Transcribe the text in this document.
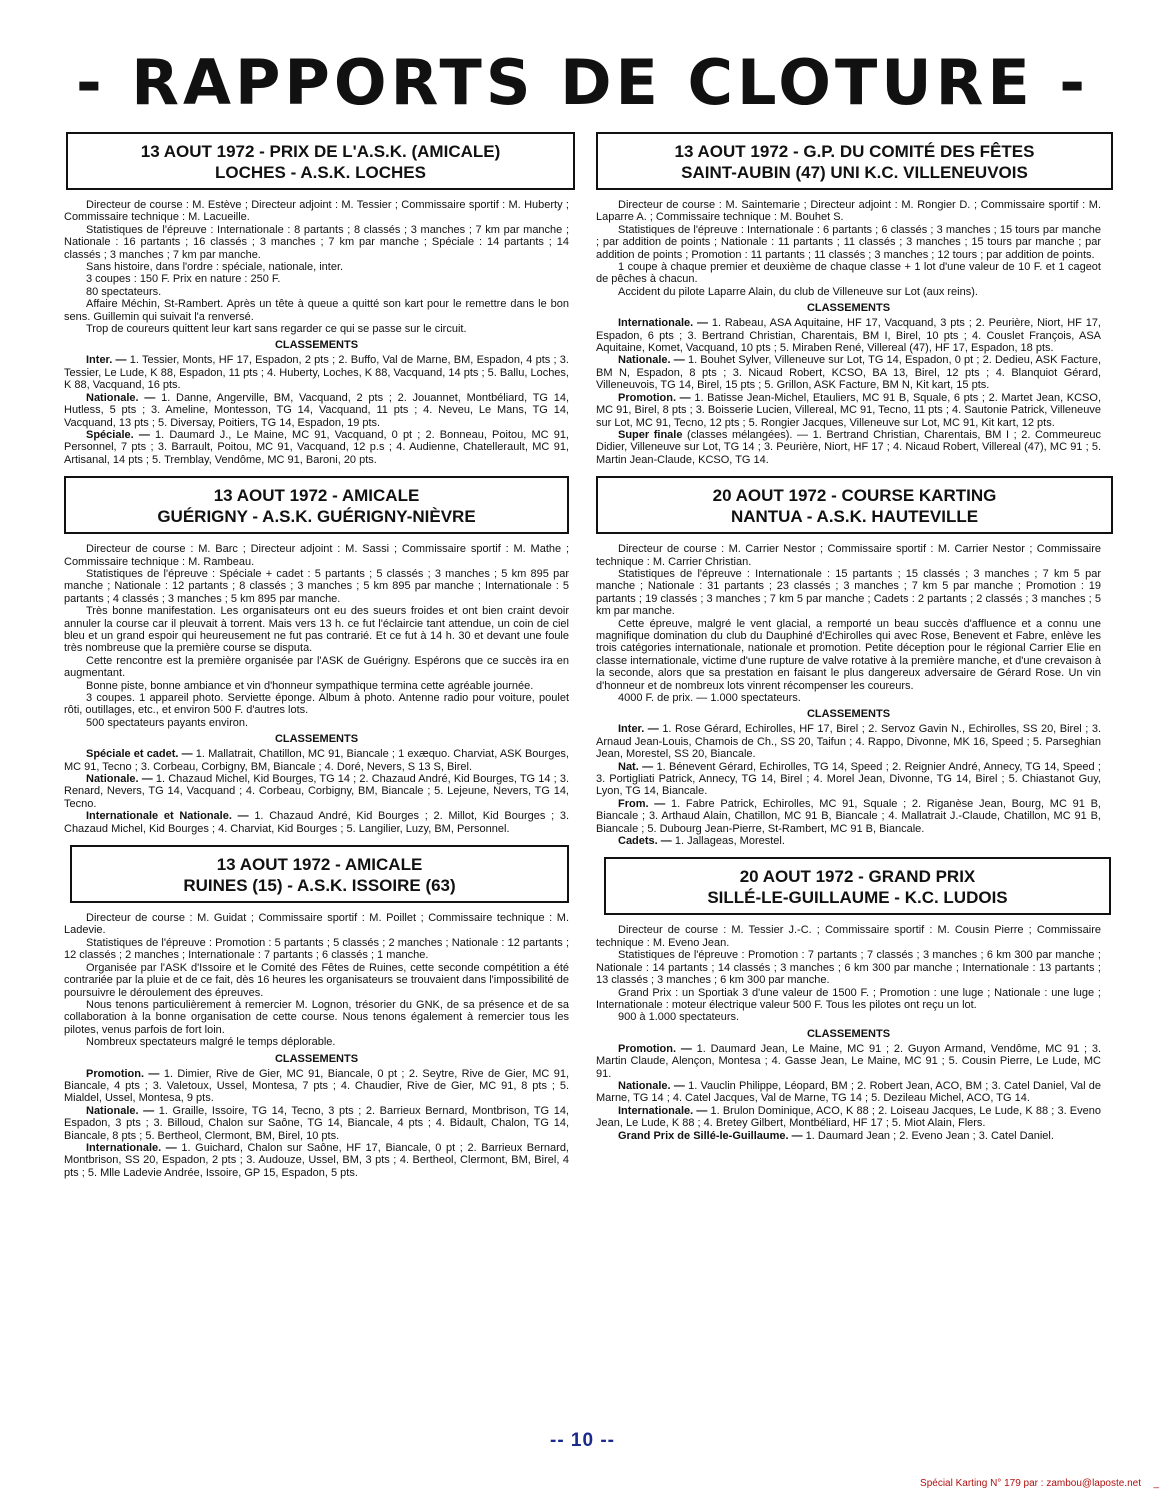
- RAPPORTS DE CLOTURE -
13 AOUT 1972 - PRIX DE L'A.S.K. (AMICALE)
LOCHES - A.S.K. LOCHES

Directeur de course : M. Estève ; Directeur adjoint : M. Tessier ; Commissaire sportif : M. Huberty ; Commissaire technique : M. Lacueille.

Statistiques de l'épreuve : Internationale : 8 partants ; 8 classés ; 3 manches ; 7 km par manche ; Nationale : 16 partants ; 16 classés ; 3 manches ; 7 km par manche ; Spéciale : 14 partants ; 14 classés ; 3 manches ; 7 km par manche.

Sans histoire, dans l'ordre : spéciale, nationale, inter.

3 coupes : 150 F. Prix en nature : 250 F.

80 spectateurs.

Affaire Méchin, St-Rambert. Après un tête à queue a quitté son kart pour le remettre dans le bon sens. Guillemin qui suivait l'a renversé.

Trop de coureurs quittent leur kart sans regarder ce qui se passe sur le circuit.

CLASSEMENTS

Inter. — 1. Tessier, Monts, HF 17, Espadon, 2 pts ; 2. Buffo, Val de Marne, BM, Espadon, 4 pts ; 3. Tessier, Le Lude, K 88, Espadon, 11 pts ; 4. Huberty, Loches, K 88, Vacquand, 14 pts ; 5. Ballu, Loches, K 88, Vacquand, 16 pts.

Nationale. — 1. Danne, Angerville, BM, Vacquand, 2 pts ; 2. Jouannet, Montbéliard, TG 14, Hutless, 5 pts ; 3. Ameline, Montesson, TG 14, Vacquand, 11 pts ; 4. Neveu, Le Mans, TG 14, Vacquand, 13 pts ; 5. Diversay, Poitiers, TG 14, Espadon, 19 pts.

Spéciale. — 1. Daumard J., Le Maine, MC 91, Vacquand, 0 pt ; 2. Bonneau, Poitou, MC 91, Personnel, 7 pts ; 3. Barrault, Poitou, MC 91, Vacquand, 12 p.s ; 4. Audienne, Chatellerault, MC 91, Artisanal, 14 pts ; 5. Tremblay, Vendôme, MC 91, Baroni, 20 pts.

13 AOUT 1972 - AMICALE
GUÉRIGNY - A.S.K. GUÉRIGNY-NIÈVRE

Directeur de course : M. Barc ; Directeur adjoint : M. Sassi ; Commissaire sportif : M. Mathe ; Commissaire technique : M. Rambeau.

Statistiques de l'épreuve : Spéciale + cadet : 5 partants ; 5 classés ; 3 manches ; 5 km 895 par manche ; Nationale : 12 partants ; 8 classés ; 3 manches ; 5 km 895 par manche ; Internationale : 5 partants ; 4 classés ; 3 manches ; 5 km 895 par manche.

Très bonne manifestation. Les organisateurs ont eu des sueurs froides et ont bien craint devoir annuler la course car il pleuvait à torrent. Mais vers 13 h. ce fut l'éclaircie tant attendue, un coin de ciel bleu et un grand espoir qui heureusement ne fut pas contrarié. Et ce fut à 14 h. 30 et devant une foule très nombreuse que la première course se disputa.

Cette rencontre est la première organisée par l'ASK de Guérigny. Espérons que ce succès ira en augmentant.

Bonne piste, bonne ambiance et vin d'honneur sympathique termina cette agréable journée.

3 coupes. 1 appareil photo. Serviette éponge. Album à photo. Antenne radio pour voiture, poulet rôti, outillages, etc., et environ 500 F. d'autres lots.

500 spectateurs payants environ.

CLASSEMENTS

Spéciale et cadet. — 1. Mallatrait, Chatillon, MC 91, Biancale ; 1 exæquo. Charviat, ASK Bourges, MC 91, Tecno ; 3. Corbeau, Corbigny, BM, Biancale ; 4. Doré, Nevers, S 13 S, Birel.

Nationale. — 1. Chazaud Michel, Kid Bourges, TG 14 ; 2. Chazaud André, Kid Bourges, TG 14 ; 3. Renard, Nevers, TG 14, Vacquand ; 4. Corbeau, Corbigny, BM, Biancale ; 5. Lejeune, Nevers, TG 14, Tecno.

Internationale et Nationale. — 1. Chazaud André, Kid Bourges ; 2. Millot, Kid Bourges ; 3. Chazaud Michel, Kid Bourges ; 4. Charviat, Kid Bourges ; 5. Langilier, Luzy, BM, Personnel.

13 AOUT 1972 - AMICALE
RUINES (15) - A.S.K. ISSOIRE (63)

Directeur de course : M. Guidat ; Commissaire sportif : M. Poillet ; Commissaire technique : M. Ladevie.

Statistiques de l'épreuve : Promotion : 5 partants ; 5 classés ; 2 manches ; Nationale : 12 partants ; 12 classés ; 2 manches ; Internationale : 7 partants ; 6 classés ; 1 manche.

Organisée par l'ASK d'Issoire et le Comité des Fêtes de Ruines, cette seconde compétition a été contrariée par la pluie et de ce fait, dès 16 heures les organisateurs se trouvaient dans l'impossibilité de poursuivre le déroulement des épreuves.

Nous tenons particulièrement à remercier M. Lognon, trésorier du GNK, de sa présence et de sa collaboration à la bonne organisation de cette course. Nous tenons également à remercier tous les pilotes, venus parfois de fort loin.

Nombreux spectateurs malgré le temps déplorable.

CLASSEMENTS

Promotion. — 1. Dimier, Rive de Gier, MC 91, Biancale, 0 pt ; 2. Seytre, Rive de Gier, MC 91, Biancale, 4 pts ; 3. Valetoux, Ussel, Montesa, 7 pts ; 4. Chaudier, Rive de Gier, MC 91, 8 pts ; 5. Mialdel, Ussel, Montesa, 9 pts.

Nationale. — 1. Graille, Issoire, TG 14, Tecno, 3 pts ; 2. Barrieux Bernard, Montbrison, TG 14, Espadon, 3 pts ; 3. Billoud, Chalon sur Saône, TG 14, Biancale, 4 pts ; 4. Bidault, Chalon, TG 14, Biancale, 8 pts ; 5. Bertheol, Clermont, BM, Birel, 10 pts.

Internationale. — 1. Guichard, Chalon sur Saône, HF 17, Biancale, 0 pt ; 2. Barrieux Bernard, Montbrison, SS 20, Espadon, 2 pts ; 3. Audouze, Ussel, BM, 3 pts ; 4. Bertheol, Clermont, BM, Birel, 4 pts ; 5. Mlle Ladevie Andrée, Issoire, GP 15, Espadon, 5 pts.

13 AOUT 1972 - G.P. DU COMITÉ DES FÊTES
SAINT-AUBIN (47) UNI K.C. VILLENEUVOIS

Directeur de course : M. Saintemarie ; Directeur adjoint : M. Rongier D. ; Commissaire sportif : M. Laparre A. ; Commissaire technique : M. Bouhet S.

Statistiques de l'épreuve : Internationale : 6 partants ; 6 classés ; 3 manches ; 15 tours par manche ; par addition de points ; Nationale : 11 partants ; 11 classés ; 3 manches ; 15 tours par manche ; par addition de points ; Promotion : 11 partants ; 11 classés ; 3 manches ; 12 tours ; par addition de points.

1 coupe à chaque premier et deuxième de chaque classe + 1 lot d'une valeur de 10 F. et 1 cageot de pêches à chacun.

Accident du pilote Laparre Alain, du club de Villeneuve sur Lot (aux reins).

CLASSEMENTS

Internationale. — 1. Rabeau, ASA Aquitaine, HF 17, Vacquand, 3 pts ; 2. Peurière, Niort, HF 17, Espadon, 6 pts ; 3. Bertrand Christian, Charentais, BM I, Birel, 10 pts ; 4. Couslet François, ASA Aquitaine, Komet, Vacquand, 10 pts ; 5. Miraben René, Villereal (47), HF 17, Espadon, 18 pts.

Nationale. — 1. Bouhet Sylver, Villeneuve sur Lot, TG 14, Espadon, 0 pt ; 2. Dedieu, ASK Facture, BM N, Espadon, 8 pts ; 3. Nicaud Robert, KCSO, BA 13, Birel, 12 pts ; 4. Blanquiot Gérard, Villeneuvois, TG 14, Birel, 15 pts ; 5. Grillon, ASK Facture, BM N, Kit kart, 15 pts.

Promotion. — 1. Batisse Jean-Michel, Etauliers, MC 91 B, Squale, 6 pts ; 2. Martet Jean, KCSO, MC 91, Birel, 8 pts ; 3. Boisserie Lucien, Villereal, MC 91, Tecno, 11 pts ; 4. Sautonie Patrick, Villeneuve sur Lot, MC 91, Tecno, 12 pts ; 5. Rongier Jacques, Villeneuve sur Lot, MC 91, Kit kart, 12 pts.

Super finale (classes mélangées). — 1. Bertrand Christian, Charentais, BM I ; 2. Commeureuc Didier, Villeneuve sur Lot, TG 14 ; 3. Peurière, Niort, HF 17 ; 4. Nicaud Robert, Villereal (47), MC 91 ; 5. Martin Jean-Claude, KCSO, TG 14.

20 AOUT 1972 - COURSE KARTING
NANTUA - A.S.K. HAUTEVILLE

Directeur de course : M. Carrier Nestor ; Commissaire sportif : M. Carrier Nestor ; Commissaire technique : M. Carrier Christian.

Statistiques de l'épreuve : Internationale : 15 partants ; 15 classés ; 3 manches ; 7 km 5 par manche ; Nationale : 31 partants ; 23 classés ; 3 manches ; 7 km 5 par manche ; Promotion : 19 partants ; 19 classés ; 3 manches ; 7 km 5 par manche ; Cadets : 2 partants ; 2 classés ; 3 manches ; 5 km par manche.

Cette épreuve, malgré le vent glacial, a remporté un beau succès d'affluence et a connu une magnifique domination du club du Dauphiné d'Echirolles qui avec Rose, Benevent et Fabre, enlève les trois catégories internationale, nationale et promotion. Petite déception pour le régional Carrier Elie en classe internationale, victime d'une rupture de valve rotative à la première manche, et d'une crevaison à la seconde, alors que sa prestation en faisant le plus dangereux adversaire de Gérard Rose. Un vin d'honneur et de nombreux lots vinrent récompenser les coureurs.

4000 F. de prix. — 1.000 spectateurs.

CLASSEMENTS

Inter. — 1. Rose Gérard, Echirolles, HF 17, Birel ; 2. Servoz Gavin N., Echirolles, SS 20, Birel ; 3. Arnaud Jean-Louis, Chamois de Ch., SS 20, Taifun ; 4. Rappo, Divonne, MK 16, Speed ; 5. Parseghian Jean, Morestel, SS 20, Biancale.

Nat. — 1. Bénevent Gérard, Echirolles, TG 14, Speed ; 2. Reignier André, Annecy, TG 14, Speed ; 3. Portigliati Patrick, Annecy, TG 14, Birel ; 4. Morel Jean, Divonne, TG 14, Birel ; 5. Chiastanot Guy, Lyon, TG 14, Biancale.

From. — 1. Fabre Patrick, Echirolles, MC 91, Squale ; 2. Riganèse Jean, Bourg, MC 91 B, Biancale ; 3. Arthaud Alain, Chatillon, MC 91 B, Biancale ; 4. Mallatrait J.-Claude, Chatillon, MC 91 B, Biancale ; 5. Dubourg Jean-Pierre, St-Rambert, MC 91 B, Biancale.

Cadets. — 1. Jallageas, Morestel.

20 AOUT 1972 - GRAND PRIX
SILLÉ-LE-GUILLAUME - K.C. LUDOIS

Directeur de course : M. Tessier J.-C. ; Commissaire sportif : M. Cousin Pierre ; Commissaire technique : M. Eveno Jean.

Statistiques de l'épreuve : Promotion : 7 partants ; 7 classés ; 3 manches ; 6 km 300 par manche ; Nationale : 14 partants ; 14 classés ; 3 manches ; 6 km 300 par manche ; Internationale : 13 partants ; 13 classés ; 3 manches ; 6 km 300 par manche.

Grand Prix : un Sportiak 3 d'une valeur de 1500 F. ; Promotion : une luge ; Nationale : une luge ; Internationale : moteur électrique valeur 500 F. Tous les pilotes ont reçu un lot.

900 à 1.000 spectateurs.

CLASSEMENTS

Promotion. — 1. Daumard Jean, Le Maine, MC 91 ; 2. Guyon Armand, Vendôme, MC 91 ; 3. Martin Claude, Alençon, Montesa ; 4. Gasse Jean, Le Maine, MC 91 ; 5. Cousin Pierre, Le Lude, MC 91.

Nationale. — 1. Vauclin Philippe, Léopard, BM ; 2. Robert Jean, ACO, BM ; 3. Catel Daniel, Val de Marne, TG 14 ; 4. Catel Jacques, Val de Marne, TG 14 ; 5. Dezileau Michel, ACO, TG 14.

Internationale. — 1. Brulon Dominique, ACO, K 88 ; 2. Loiseau Jacques, Le Lude, K 88 ; 3. Eveno Jean, Le Lude, K 88 ; 4. Bretey Gilbert, Montbéliard, HF 17 ; 5. Miot Alain, Flers.

Grand Prix de Sillé-le-Guillaume. — 1. Daumard Jean ; 2. Eveno Jean ; 3. Catel Daniel.

-- 10 --
Spécial Karting N° 179 par : zambou@laposte.net _
